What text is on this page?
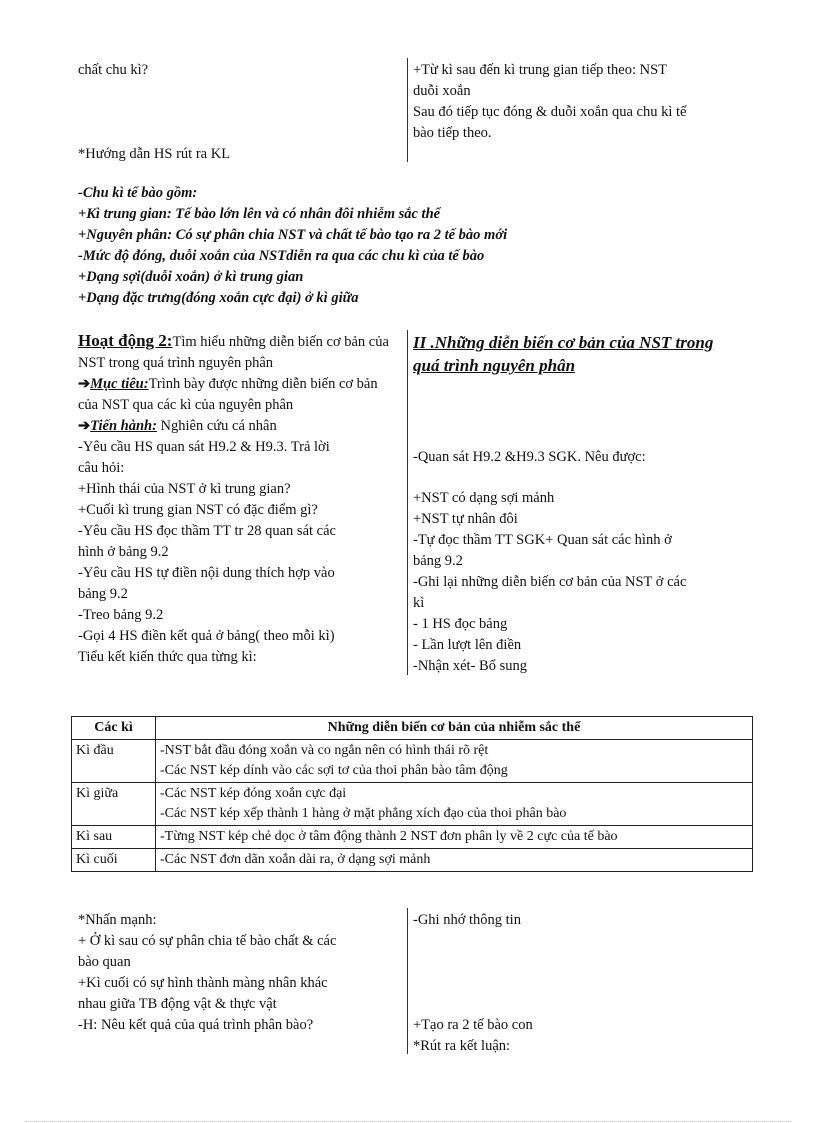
chất chu kì?
*Hướng dẫn HS rút ra KL
+Từ kì sau đến kì trung gian tiếp theo: NST
duỗi xoắn
Sau đó tiếp tục đóng & duỗi xoắn qua chu kì tế
bào tiếp theo.
-Chu kì tế bào gồm:
+Kì trung gian: Tế bào lớn lên và có nhân đôi nhiễm sắc thể
+Nguyên phân: Có sự phân chia NST và chất tế bào tạo ra 2 tế bào mới
-Mức độ đóng, duỗi xoắn của NSTdiễn ra qua các chu kì của tế bào
+Dạng sợi(duỗi xoắn) ở kì trung gian
+Dạng đặc trưng(đóng xoắn cực đại) ở kì giữa
Hoạt động 2:Tìm hiểu những diễn biến cơ bản của NST trong quá trình nguyên phân
➔Mục tiêu:Trình bày được những diễn biến cơ bản của NST qua các kì của nguyên phân
➔Tiến hành: Nghiên cứu cá nhân
-Yêu cầu HS quan sát H9.2 & H9.3. Trả lời
câu hỏi:
+Hình thái của NST ở kì trung gian?
+Cuối kì trung gian NST có đặc điểm gì?
-Yêu cầu HS đọc thầm TT tr 28 quan sát các
hình ở bảng 9.2
-Yêu cầu HS tự điền nội dung thích hợp vào
bảng 9.2
-Treo bảng 9.2
-Gọi 4 HS điền kết quả ở bảng( theo mỗi kì)
Tiểu kết kiến thức qua từng kì:
II .Những diễn biến cơ bản của NST trong quá trình nguyên phân
-Quan sát H9.2 &H9.3 SGK. Nêu được:
+NST có dạng sợi mảnh
+NST tự nhân đôi
-Tự đọc thầm TT SGK+ Quan sát các hình ở
bảng 9.2
-Ghi lại những diễn biến cơ bản của NST ở các
kì
- 1 HS đọc bảng
- Lần lượt lên điền
-Nhận xét- Bổ sung
Các kì	Những diễn biến cơ bản của nhiễm sắc thể
Kì đầu	-NST bắt đầu đóng xoắn và co ngắn nên có hình thái rõ rệt
-Các NST kép dính vào các sợi tơ của thoi phân bào tâm động

Kì giữa	-Các NST kép đóng xoắn cực đại
-Các NST kép xếp thành 1 hàng ở mặt phẳng xích đạo của thoi phân bào

Kì sau	-Từng NST kép chẻ dọc ở tâm động thành 2 NST đơn phân ly về 2 cực của tế bào

Kì cuối	-Các NST đơn dãn xoắn dài ra, ở dạng sợi mảnh
*Nhấn mạnh:
+ Ở kì sau có sự phân chia tế bào chất & các
bào quan
+Kì cuối có sự hình thành màng nhân khác
nhau giữa TB động vật & thực vật
-H: Nêu kết quả của quá trình phân bào?
-Ghi nhớ thông tin
+Tạo ra 2 tế bào con
*Rút ra kết luận:
